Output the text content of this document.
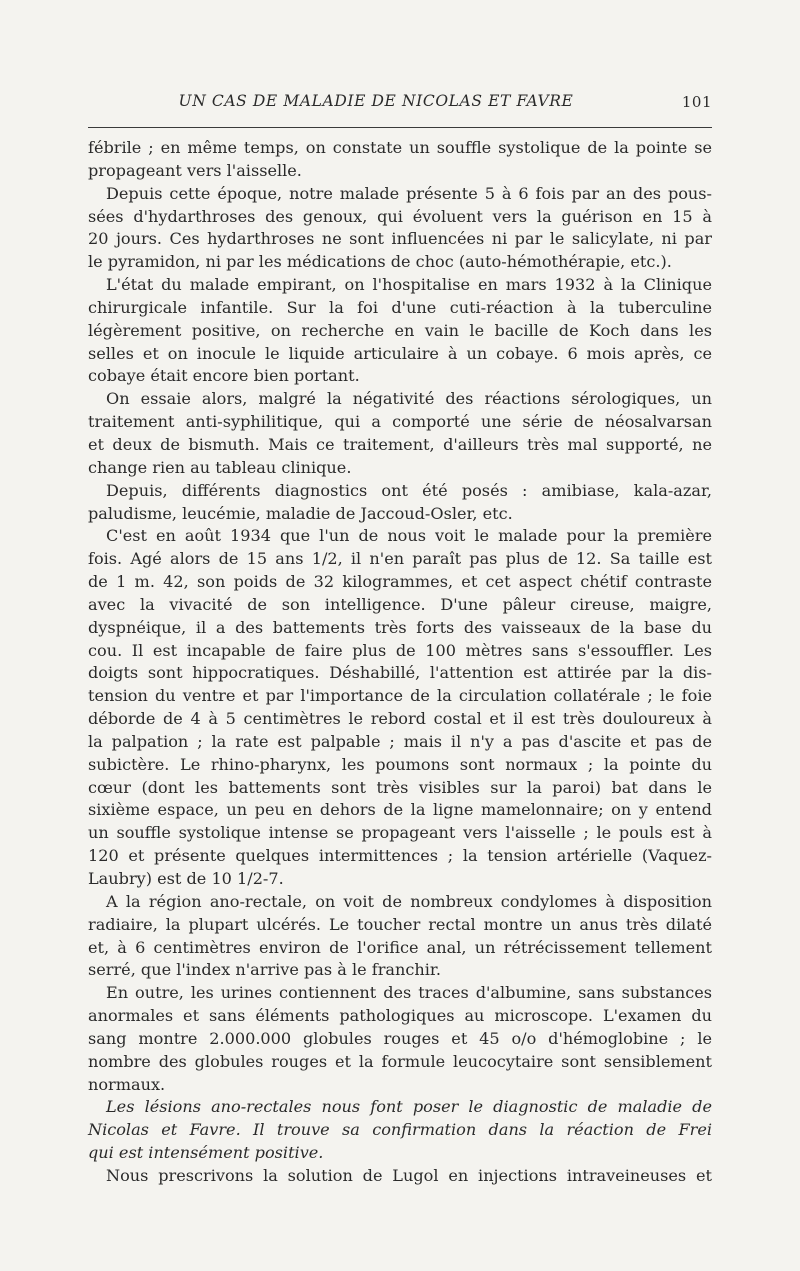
UN CAS DE MALADIE DE NICOLAS ET FAVRE	101
fébrile ; en même temps, on constate un souffle systolique de la pointe se
propageant vers l'aisselle.
Depuis cette époque, notre malade présente 5 à 6 fois par an des pous-
sées d'hydarthroses des genoux, qui évoluent vers la guérison en 15 à
20 jours. Ces hydarthroses ne sont influencées ni par le salicylate, ni par
le pyramidon, ni par les médications de choc (auto-hémothérapie, etc.).
L'état du malade empirant, on l'hospitalise en mars 1932 à la Clinique
chirurgicale infantile. Sur la foi d'une cuti-réaction à la tuberculine
légèrement positive, on recherche en vain le bacille de Koch dans les
selles et on inocule le liquide articulaire à un cobaye. 6 mois après, ce
cobaye était encore bien portant.
On essaie alors, malgré la négativité des réactions sérologiques, un
traitement anti-syphilitique, qui a comporté une série de néosalvarsan
et deux de bismuth. Mais ce traitement, d'ailleurs très mal supporté, ne
change rien au tableau clinique.
Depuis, différents diagnostics ont été posés : amibiase, kala-azar,
paludisme, leucémie, maladie de Jaccoud-Osler, etc.
C'est en août 1934 que l'un de nous voit le malade pour la première
fois. Agé alors de 15 ans 1/2, il n'en paraît pas plus de 12. Sa taille est
de 1 m. 42, son poids de 32 kilogrammes, et cet aspect chétif contraste
avec la vivacité de son intelligence. D'une pâleur cireuse, maigre,
dyspnéique, il a des battements très forts des vaisseaux de la base du
cou. Il est incapable de faire plus de 100 mètres sans s'essouffler. Les
doigts sont hippocratiques. Déshabillé, l'attention est attirée par la dis-
tension du ventre et par l'importance de la circulation collatérale ; le foie
déborde de 4 à 5 centimètres le rebord costal et il est très douloureux à
la palpation ; la rate est palpable ; mais il n'y a pas d'ascite et pas de
subictère. Le rhino-pharynx, les poumons sont normaux ; la pointe du
cœur (dont les battements sont très visibles sur la paroi) bat dans le
sixième espace, un peu en dehors de la ligne mamelonnaire; on y entend
un souffle systolique intense se propageant vers l'aisselle ; le pouls est à
120 et présente quelques intermittences ; la tension artérielle (Vaquez-
Laubry) est de 10 1/2-7.
A la région ano-rectale, on voit de nombreux condylomes à disposition
radiaire, la plupart ulcérés. Le toucher rectal montre un anus très dilaté
et, à 6 centimètres environ de l'orifice anal, un rétrécissement tellement
serré, que l'index n'arrive pas à le franchir.
En outre, les urines contiennent des traces d'albumine, sans substances
anormales et sans éléments pathologiques au microscope. L'examen du
sang montre 2.000.000 globules rouges et 45 o/o d'hémoglobine ; le
nombre des globules rouges et la formule leucocytaire sont sensiblement
normaux.
Les lésions ano-rectales nous font poser le diagnostic de maladie de
Nicolas et Favre. Il trouve sa confirmation dans la réaction de Frei
qui est intensément positive.
Nous prescrivons la solution de Lugol en injections intraveineuses et
